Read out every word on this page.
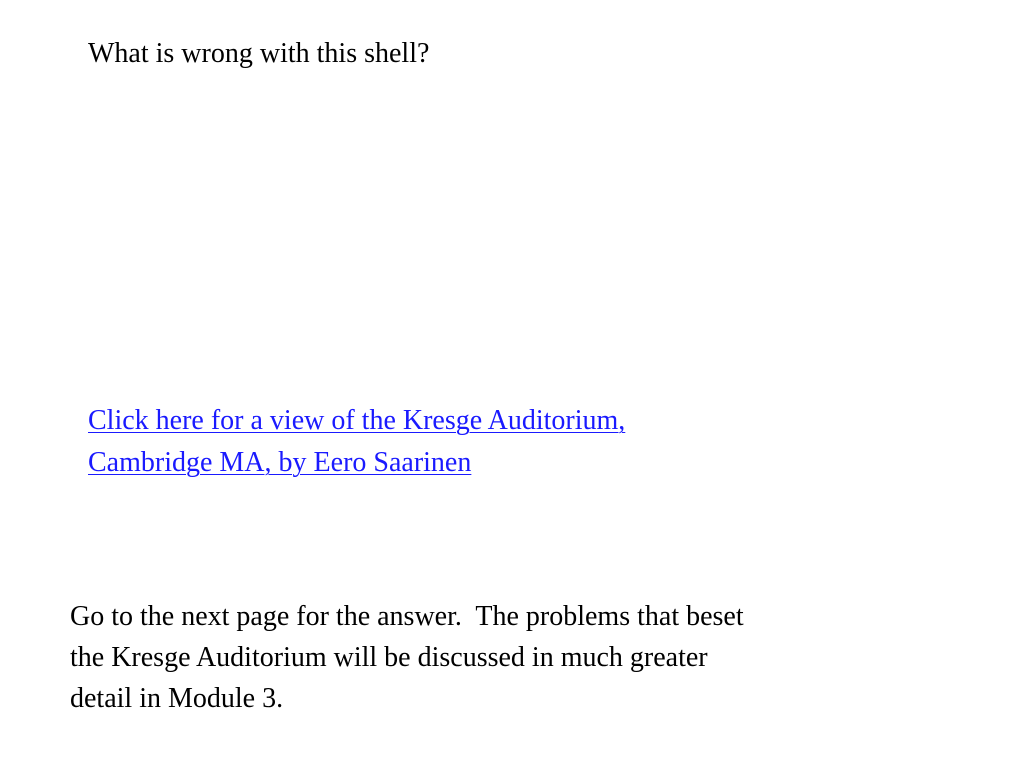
What is wrong with this shell?

Click here for a view of the Kresge Auditorium,
Cambridge MA, by Eero Saarinen

Go to the next page for the answer.  The problems that beset
the Kresge Auditorium will be discussed in much greater
detail in Module 3.
